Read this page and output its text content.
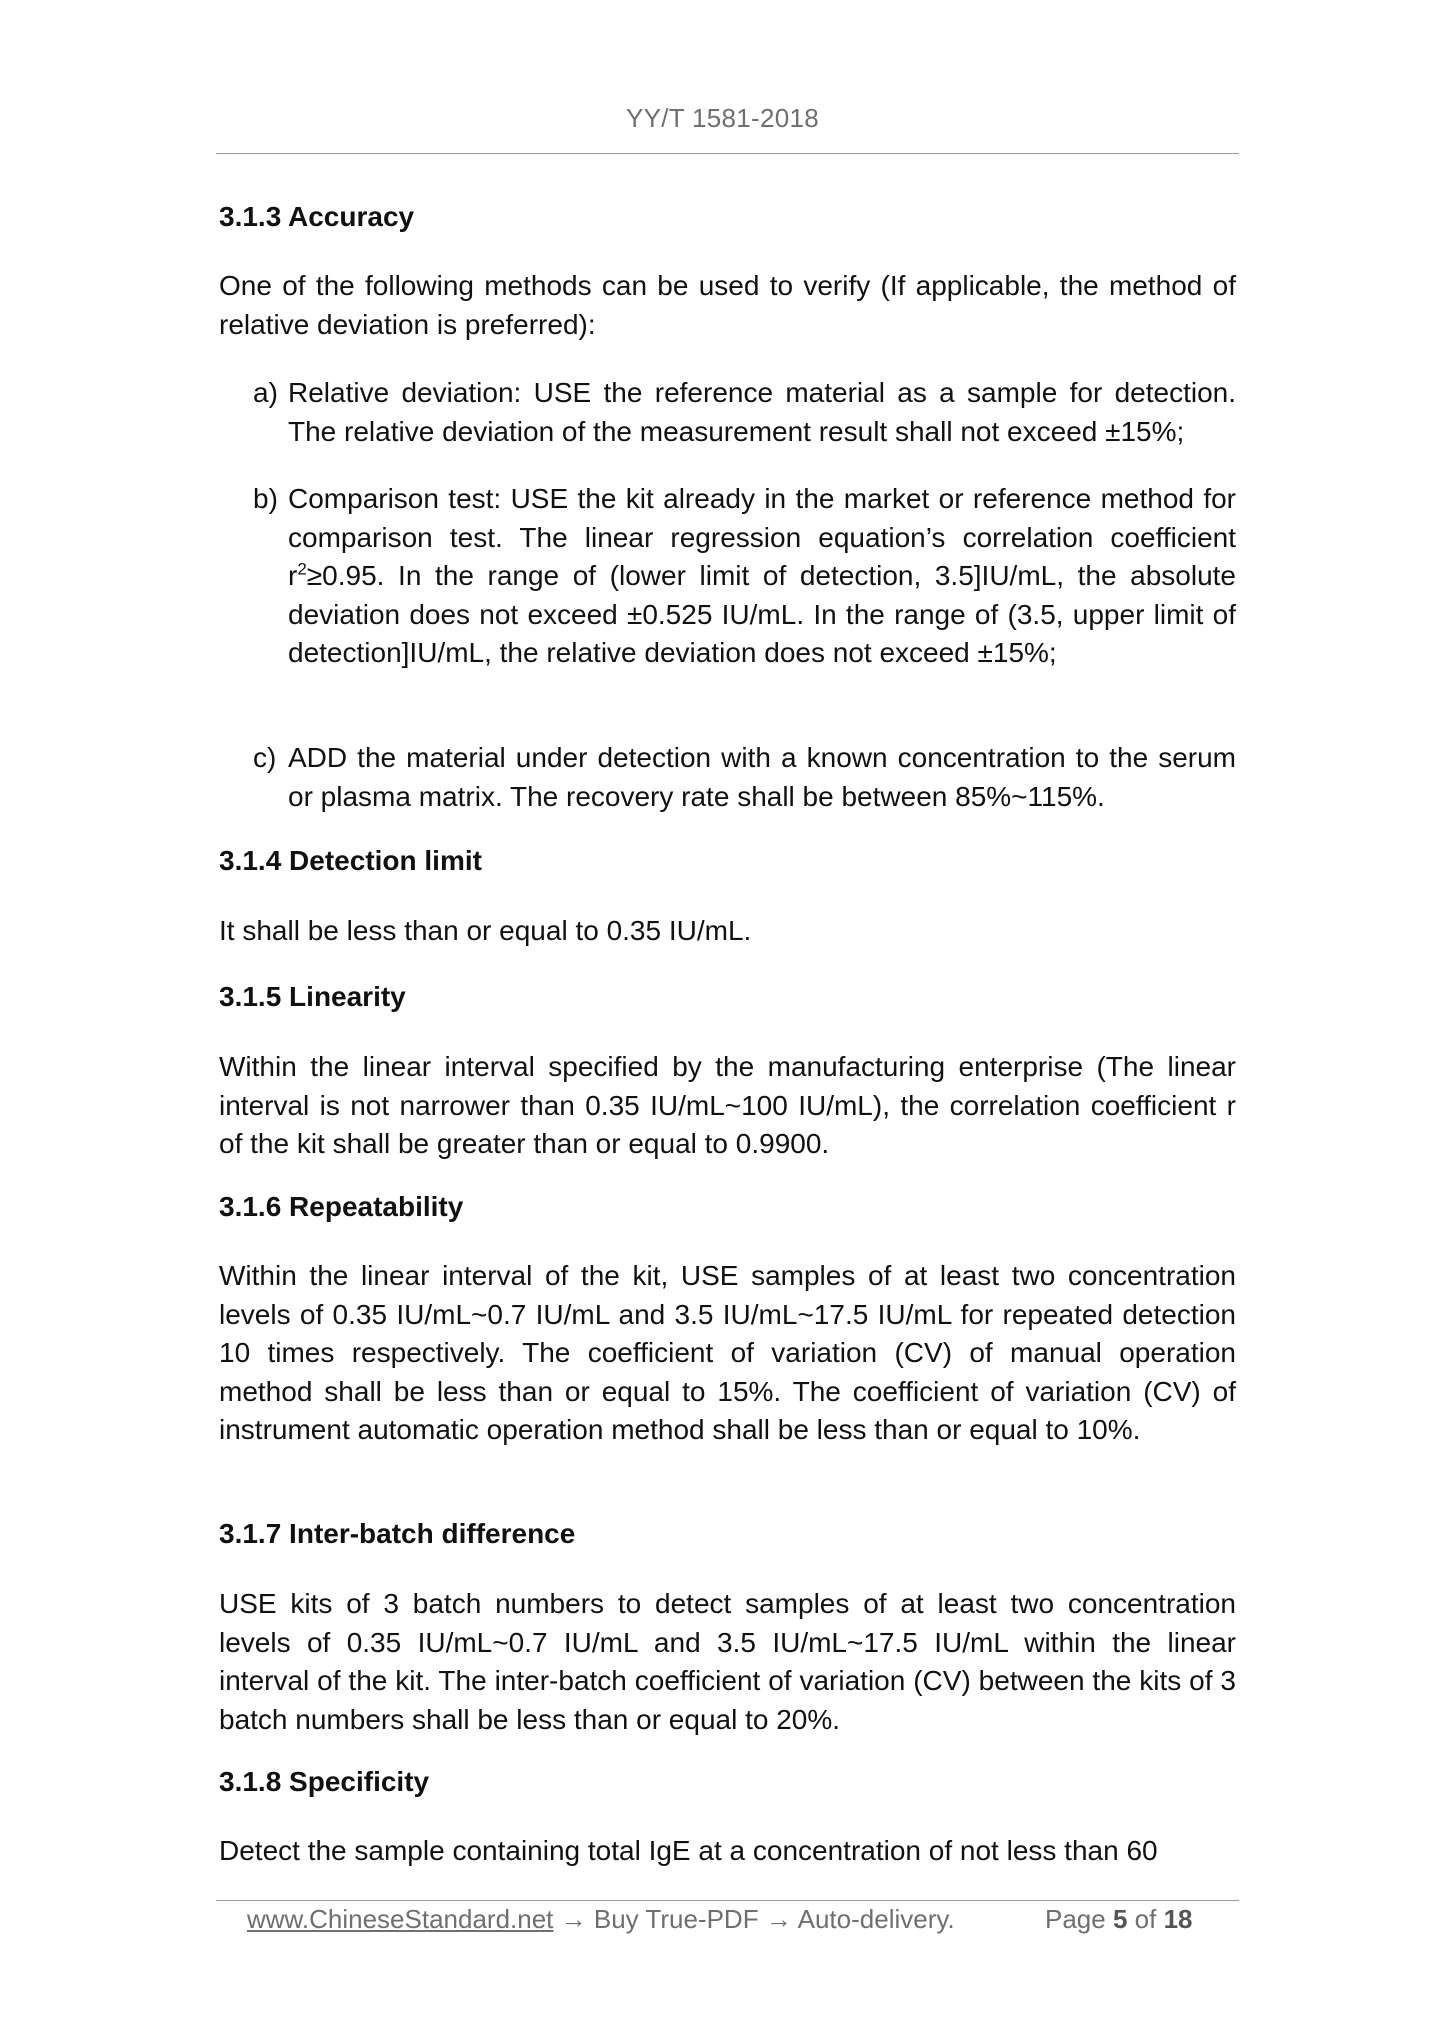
YY/T 1581-2018
3.1.3 Accuracy

One of the following methods can be used to verify (If applicable, the method of relative deviation is preferred):

a) Relative deviation: USE the reference material as a sample for detection. The relative deviation of the measurement result shall not exceed ±15%;

b) Comparison test: USE the kit already in the market or reference method for comparison test. The linear regression equation’s correlation coefficient $r^2\ge 0.95$. In the range of (lower limit of detection, 3.5]IU/mL, the absolute deviation does not exceed ±0.525 IU/mL. In the range of (3.5, upper limit of detection]IU/mL, the relative deviation does not exceed ±15%;

c) ADD the material under detection with a known concentration to the serum or plasma matrix. The recovery rate shall be between 85%~115%.

3.1.4 Detection limit

It shall be less than or equal to 0.35 IU/mL.

3.1.5 Linearity

Within the linear interval specified by the manufacturing enterprise (The linear interval is not narrower than 0.35 IU/mL~100 IU/mL), the correlation coefficient r of the kit shall be greater than or equal to 0.9900.

3.1.6 Repeatability

Within the linear interval of the kit, USE samples of at least two concentration levels of 0.35 IU/mL~0.7 IU/mL and 3.5 IU/mL~17.5 IU/mL for repeated detection 10 times respectively. The coefficient of variation (CV) of manual operation method shall be less than or equal to 15%. The coefficient of variation (CV) of instrument automatic operation method shall be less than or equal to 10%.

3.1.7 Inter-batch difference

USE kits of 3 batch numbers to detect samples of at least two concentration levels of 0.35 IU/mL~0.7 IU/mL and 3.5 IU/mL~17.5 IU/mL within the linear interval of the kit. The inter-batch coefficient of variation (CV) between the kits of 3 batch numbers shall be less than or equal to 20%.

3.1.8 Specificity

Detect the sample containing total IgE at a concentration of not less than 60

www.ChineseStandard.net → Buy True-PDF → Auto-delivery.	Page 5 of 18
